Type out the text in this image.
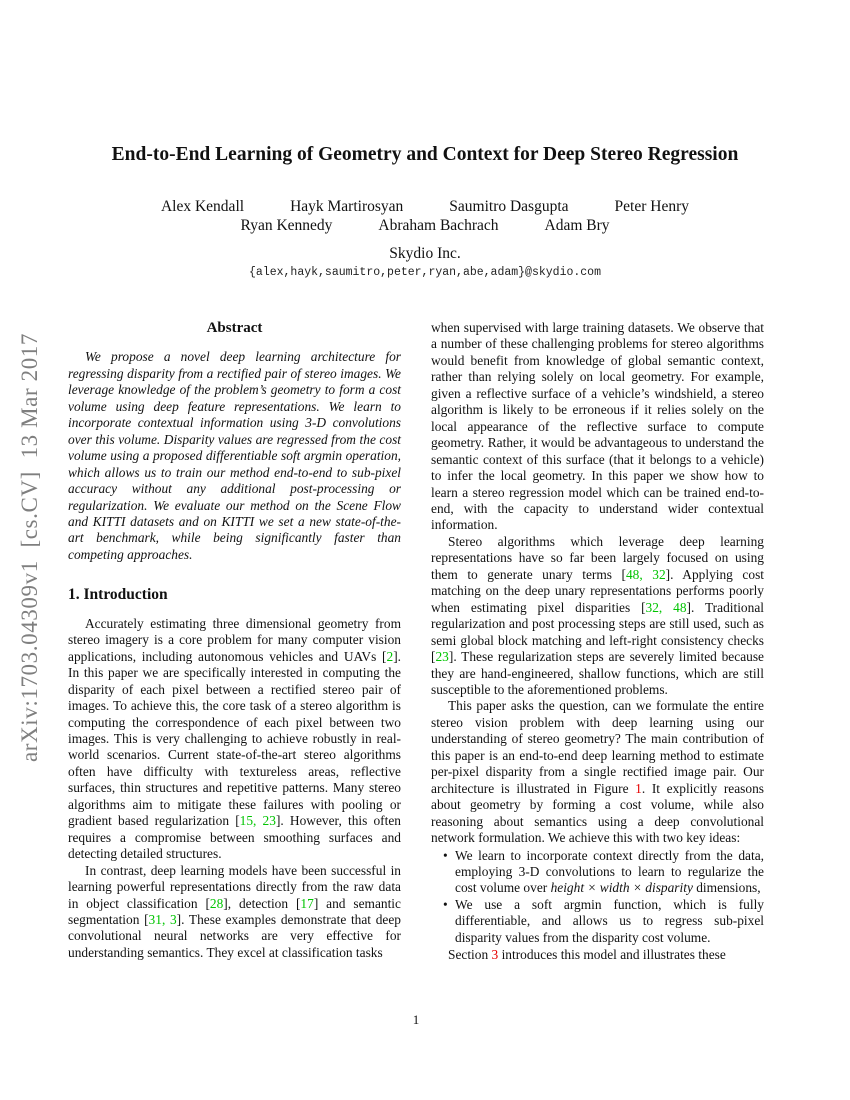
arXiv:1703.04309v1  [cs.CV]  13 Mar 2017
End-to-End Learning of Geometry and Context for Deep Stereo Regression
Alex Kendall	Hayk Martirosyan	Saumitro Dasgupta	Peter Henry
Ryan Kennedy	Abraham Bachrach	Adam Bry
Skydio Inc.
{alex,hayk,saumitro,peter,ryan,abe,adam}@skydio.com
Abstract
We propose a novel deep learning architecture for regressing disparity from a rectified pair of stereo images. We leverage knowledge of the problem’s geometry to form a cost volume using deep feature representations. We learn to incorporate contextual information using 3-D convolutions over this volume. Disparity values are regressed from the cost volume using a proposed differentiable soft argmin operation, which allows us to train our method end-to-end to sub-pixel accuracy without any additional post-processing or regularization. We evaluate our method on the Scene Flow and KITTI datasets and on KITTI we set a new state-of-the-art benchmark, while being significantly faster than competing approaches.
1. Introduction

Accurately estimating three dimensional geometry from stereo imagery is a core problem for many computer vision applications, including autonomous vehicles and UAVs [2]. In this paper we are specifically interested in computing the disparity of each pixel between a rectified stereo pair of images. To achieve this, the core task of a stereo algorithm is computing the correspondence of each pixel between two images. This is very challenging to achieve robustly in real-world scenarios. Current state-of-the-art stereo algorithms often have difficulty with textureless areas, reflective surfaces, thin structures and repetitive patterns. Many stereo algorithms aim to mitigate these failures with pooling or gradient based regularization [15, 23]. However, this often requires a compromise between smoothing surfaces and detecting detailed structures.

In contrast, deep learning models have been successful in learning powerful representations directly from the raw data in object classification [28], detection [17] and semantic segmentation [31, 3]. These examples demonstrate that deep convolutional neural networks are very effective for understanding semantics. They excel at classification tasks

when supervised with large training datasets. We observe that a number of these challenging problems for stereo algorithms would benefit from knowledge of global semantic context, rather than relying solely on local geometry. For example, given a reflective surface of a vehicle’s windshield, a stereo algorithm is likely to be erroneous if it relies solely on the local appearance of the reflective surface to compute geometry. Rather, it would be advantageous to understand the semantic context of this surface (that it belongs to a vehicle) to infer the local geometry. In this paper we show how to learn a stereo regression model which can be trained end-to-end, with the capacity to understand wider contextual information.

Stereo algorithms which leverage deep learning representations have so far been largely focused on using them to generate unary terms [48, 32]. Applying cost matching on the deep unary representations performs poorly when estimating pixel disparities [32, 48]. Traditional regularization and post processing steps are still used, such as semi global block matching and left-right consistency checks [23]. These regularization steps are severely limited because they are hand-engineered, shallow functions, which are still susceptible to the aforementioned problems.

This paper asks the question, can we formulate the entire stereo vision problem with deep learning using our understanding of stereo geometry? The main contribution of this paper is an end-to-end deep learning method to estimate per-pixel disparity from a single rectified image pair. Our architecture is illustrated in Figure 1. It explicitly reasons about geometry by forming a cost volume, while also reasoning about semantics using a deep convolutional network formulation. We achieve this with two key ideas:

• We learn to incorporate context directly from the data, employing 3-D convolutions to learn to regularize the cost volume over height × width × disparity dimensions,
• We use a soft argmin function, which is fully differentiable, and allows us to regress sub-pixel disparity values from the disparity cost volume.

Section 3 introduces this model and illustrates these

1
